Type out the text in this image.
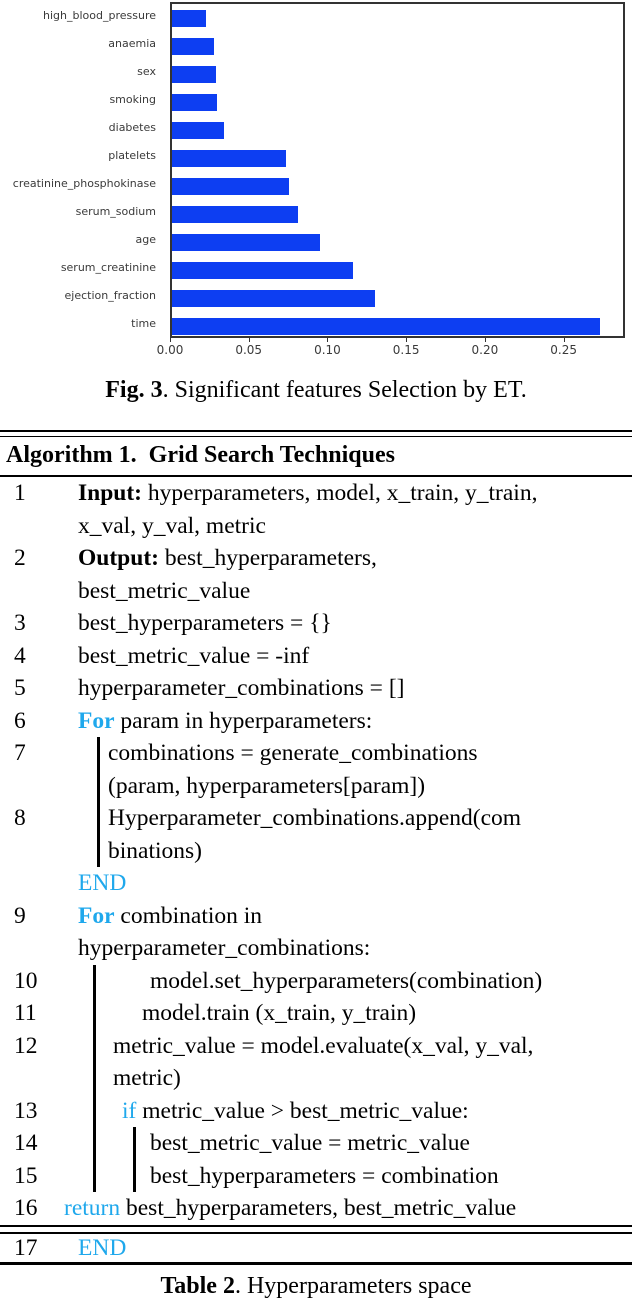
high_blood_pressure
anaemia
sex
smoking
diabetes
platelets
creatinine_phosphokinase
serum_sodium
age
serum_creatinine
ejection_fraction
time
0.00	0.05	0.10	0.15	0.20	0.25
Fig. 3. Significant features Selection by ET.
Algorithm 1.  Grid Search Techniques
1 Input: hyperparameters, model, x_train, y_train,
x_val, y_val, metric
2 Output: best_hyperparameters,
best_metric_value
3 best_hyperparameters = {}
4 best_metric_value = -inf
5 hyperparameter_combinations = []
6 For param in hyperparameters:
7	combinations = generate_combinations
(param, hyperparameters[param])
8	Hyperparameter_combinations.append(com
binations)
END
9 For combination in
hyperparameter_combinations:
10	model.set_hyperparameters(combination)
11	model.train (x_train, y_train)
12	metric_value = model.evaluate(x_val, y_val,
metric)
13	if metric_value > best_metric_value:
14	best_metric_value = metric_value
15	best_hyperparameters = combination
16 return best_hyperparameters, best_metric_value
17 END
Table 2. Hyperparameters space
